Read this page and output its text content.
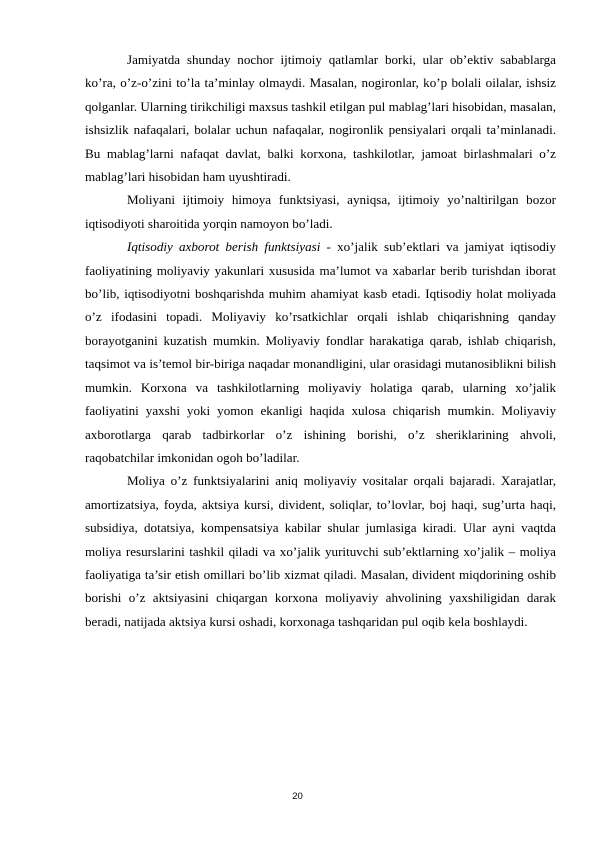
Jamiyatda shunday nochor ijtimoiy qatlamlar borki, ular ob’ektiv sabablarga ko’ra, o’z-o’zini to’la ta’minlay olmaydi. Masalan, nogironlar, ko’p bolali oilalar, ishsiz qolganlar. Ularning tirikchiligi maxsus tashkil etilgan pul mablag’lari hisobidan, masalan, ishsizlik nafaqalari, bolalar uchun nafaqalar, nogironlik pensiyalari orqali ta’minlanadi. Bu mablag’larni nafaqat davlat, balki korxona, tashkilotlar, jamoat birlashmalari o’z mablag’lari hisobidan ham uyushtiradi.

Moliyani ijtimoiy himoya funktsiyasi, ayniqsa, ijtimoiy yo’naltirilgan bozor iqtisodiyoti sharoitida yorqin namoyon bo’ladi.

Iqtisodiy axborot berish funktsiyasi - xo’jalik sub’ektlari va jamiyat iqtisodiy faoliyatining moliyaviy yakunlari xususida ma’lumot va xabarlar berib turishdan iborat bo’lib, iqtisodiyotni boshqarishda muhim ahamiyat kasb etadi. Iqtisodiy holat moliyada o’z ifodasini topadi. Moliyaviy ko’rsatkichlar orqali ishlab chiqarishning qanday borayotganini kuzatish mumkin. Moliyaviy fondlar harakatiga qarab, ishlab chiqarish, taqsimot va is’temol bir-biriga naqadar monandligini, ular orasidagi mutanosiblikni bilish mumkin. Korxona va tashkilotlarning moliyaviy holatiga qarab, ularning xo’jalik faoliyatini yaxshi yoki yomon ekanligi haqida xulosa chiqarish mumkin. Moliyaviy axborotlarga qarab tadbirkorlar o’z ishining borishi, o’z sheriklarining ahvoli, raqobatchilar imkonidan ogoh bo’ladilar.

Moliya o’z funktsiyalarini aniq moliyaviy vositalar orqali bajaradi. Xarajatlar, amortizatsiya, foyda, aktsiya kursi, divident, soliqlar, to’lovlar, boj haqi, sug’urta haqi, subsidiya, dotatsiya, kompensatsiya kabilar shular jumlasiga kiradi. Ular ayni vaqtda moliya resurslarini tashkil qiladi va xo’jalik yurituvchi sub’ektlarning xo’jalik – moliya faoliyatiga ta’sir etish omillari bo’lib xizmat qiladi. Masalan, divident miqdorining oshib borishi o’z aktsiyasini chiqargan korxona moliyaviy ahvolining yaxshiligidan darak beradi, natijada aktsiya kursi oshadi, korxonaga tashqaridan pul oqib kela boshlaydi.

20
